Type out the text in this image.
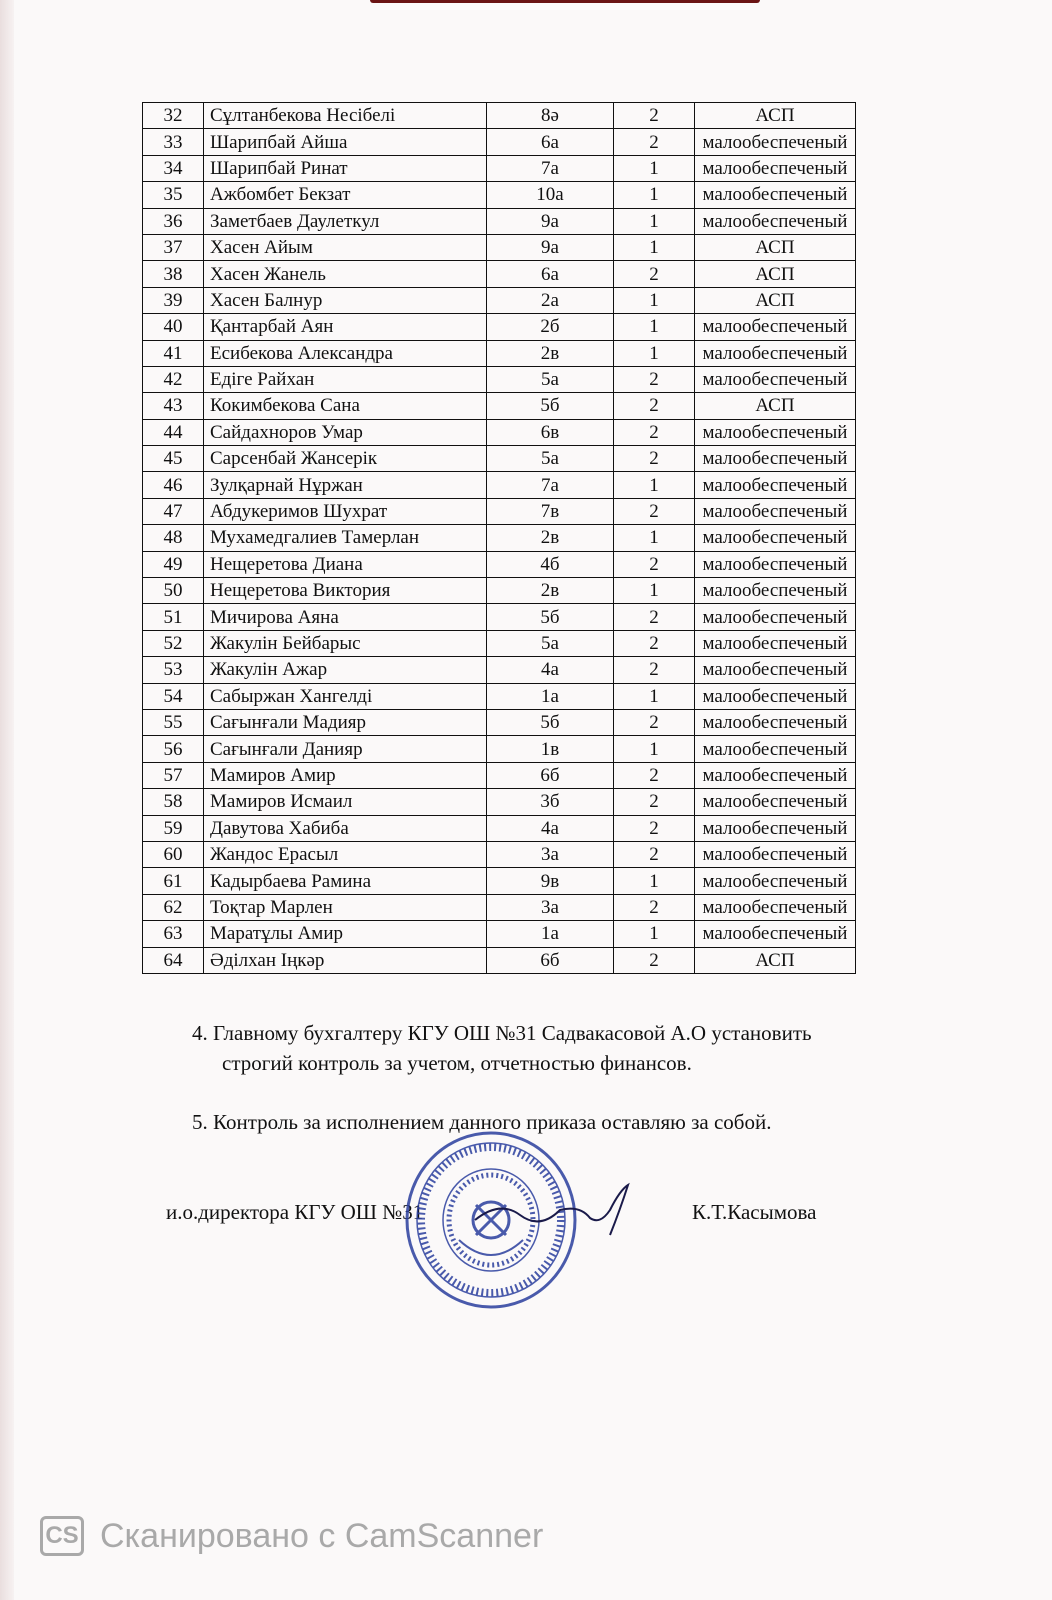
32	Сұлтанбекова Несібелі	8ә	2	АСП
33	Шарипбай Айша	6а	2	малообеспеченый
34	Шарипбай Ринат	7а	1	малообеспеченый
35	Ажбомбет Бекзат	10а	1	малообеспеченый
36	Заметбаев Даулеткул	9а	1	малообеспеченый
37	Хасен Айым	9а	1	АСП
38	Хасен Жанель	6а	2	АСП
39	Хасен Балнур	2а	1	АСП
40	Қантарбай Аян	2б	1	малообеспеченый
41	Есибекова Александра	2в	1	малообеспеченый
42	Едіге Райхан	5а	2	малообеспеченый
43	Кокимбекова Сана	5б	2	АСП
44	Сайдахноров Умар	6в	2	малообеспеченый
45	Сарсенбай Жансерік	5а	2	малообеспеченый
46	Зулқарнай Нұржан	7а	1	малообеспеченый
47	Абдукеримов Шухрат	7в	2	малообеспеченый
48	Мухамедгалиев Тамерлан	2в	1	малообеспеченый
49	Нещеретова Диана	4б	2	малообеспеченый
50	Нещеретова Виктория	2в	1	малообеспеченый
51	Мичирова Аяна	5б	2	малообеспеченый
52	Жакулін Бейбарыс	5а	2	малообеспеченый
53	Жакулін Ажар	4а	2	малообеспеченый
54	Сабыржан Хангелді	1а	1	малообеспеченый
55	Сағынғали Мадияр	5б	2	малообеспеченый
56	Сағынғали Данияр	1в	1	малообеспеченый
57	Мамиров Амир	6б	2	малообеспеченый
58	Мамиров Исмаил	3б	2	малообеспеченый
59	Давутова Хабиба	4а	2	малообеспеченый
60	Жандос Ерасыл	3а	2	малообеспеченый
61	Кадырбаева Рамина	9в	1	малообеспеченый
62	Тоқтар Марлен	3а	2	малообеспеченый
63	Маратұлы Амир	1а	1	малообеспеченый
64	Әділхан Іңкәр	6б	2	АСП
4. Главному бухгалтеру КГУ ОШ №31 Садвакасовой А.О установить
строгий контроль за учетом, отчетностью финансов.
5. Контроль за исполнением данного приказа оставляю за собой.
и.о.директора КГУ ОШ №31	К.Т.Касымова
CS Сканировано с CamScanner
